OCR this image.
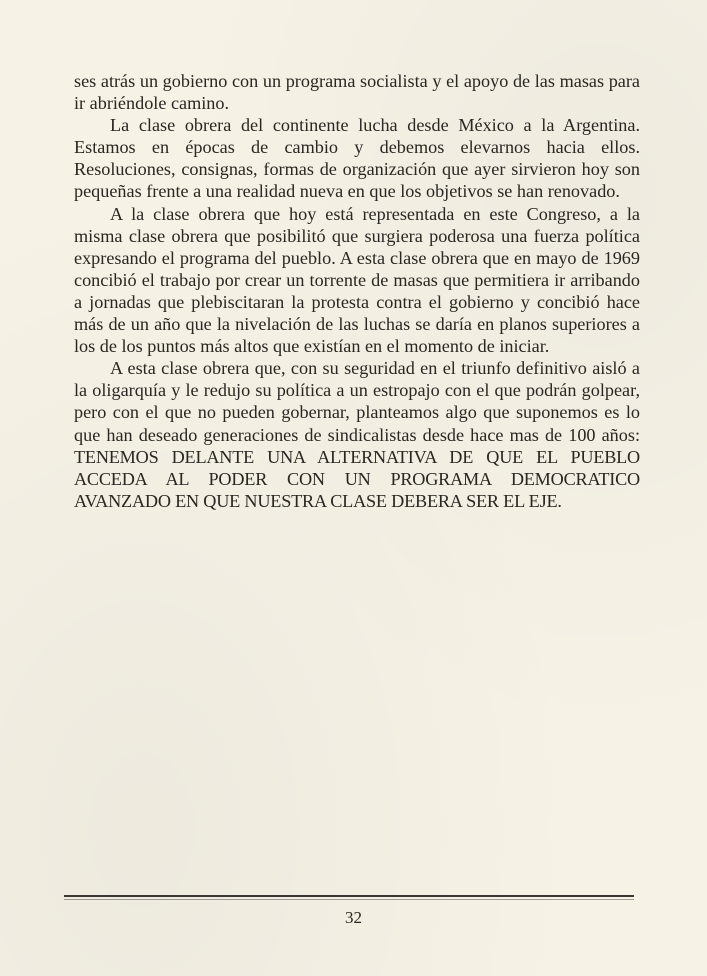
ses atrás un gobierno con un programa socialista y el apoyo de las masas para ir abriéndole camino.

La clase obrera del continente lucha desde México a la Argentina. Estamos en épocas de cambio y debemos elevarnos hacia ellos. Resoluciones, consignas, formas de organización que ayer sirvieron hoy son pequeñas frente a una realidad nueva en que los objetivos se han renovado.

A la clase obrera que hoy está representada en este Congreso, a la misma clase obrera que posibilitó que surgiera poderosa una fuerza política expresando el programa del pueblo. A esta clase obrera que en mayo de 1969 concibió el trabajo por crear un torrente de masas que permitiera ir arribando a jornadas que plebiscitaran la protesta contra el gobierno y concibió hace más de un año que la nivelación de las luchas se daría en planos superiores a los de los puntos más altos que existían en el momento de iniciar.

A esta clase obrera que, con su seguridad en el triunfo definitivo aisló a la oligarquía y le redujo su política a un estropajo con el que podrán golpear, pero con el que no pueden gobernar, planteamos algo que suponemos es lo que han deseado generaciones de sindicalistas desde hace mas de 100 años: TENEMOS DELANTE UNA ALTERNATIVA DE QUE EL PUEBLO ACCEDA AL PODER CON UN PROGRAMA DEMOCRATICO AVANZADO EN QUE NUESTRA CLASE DEBERA SER EL EJE.

32
